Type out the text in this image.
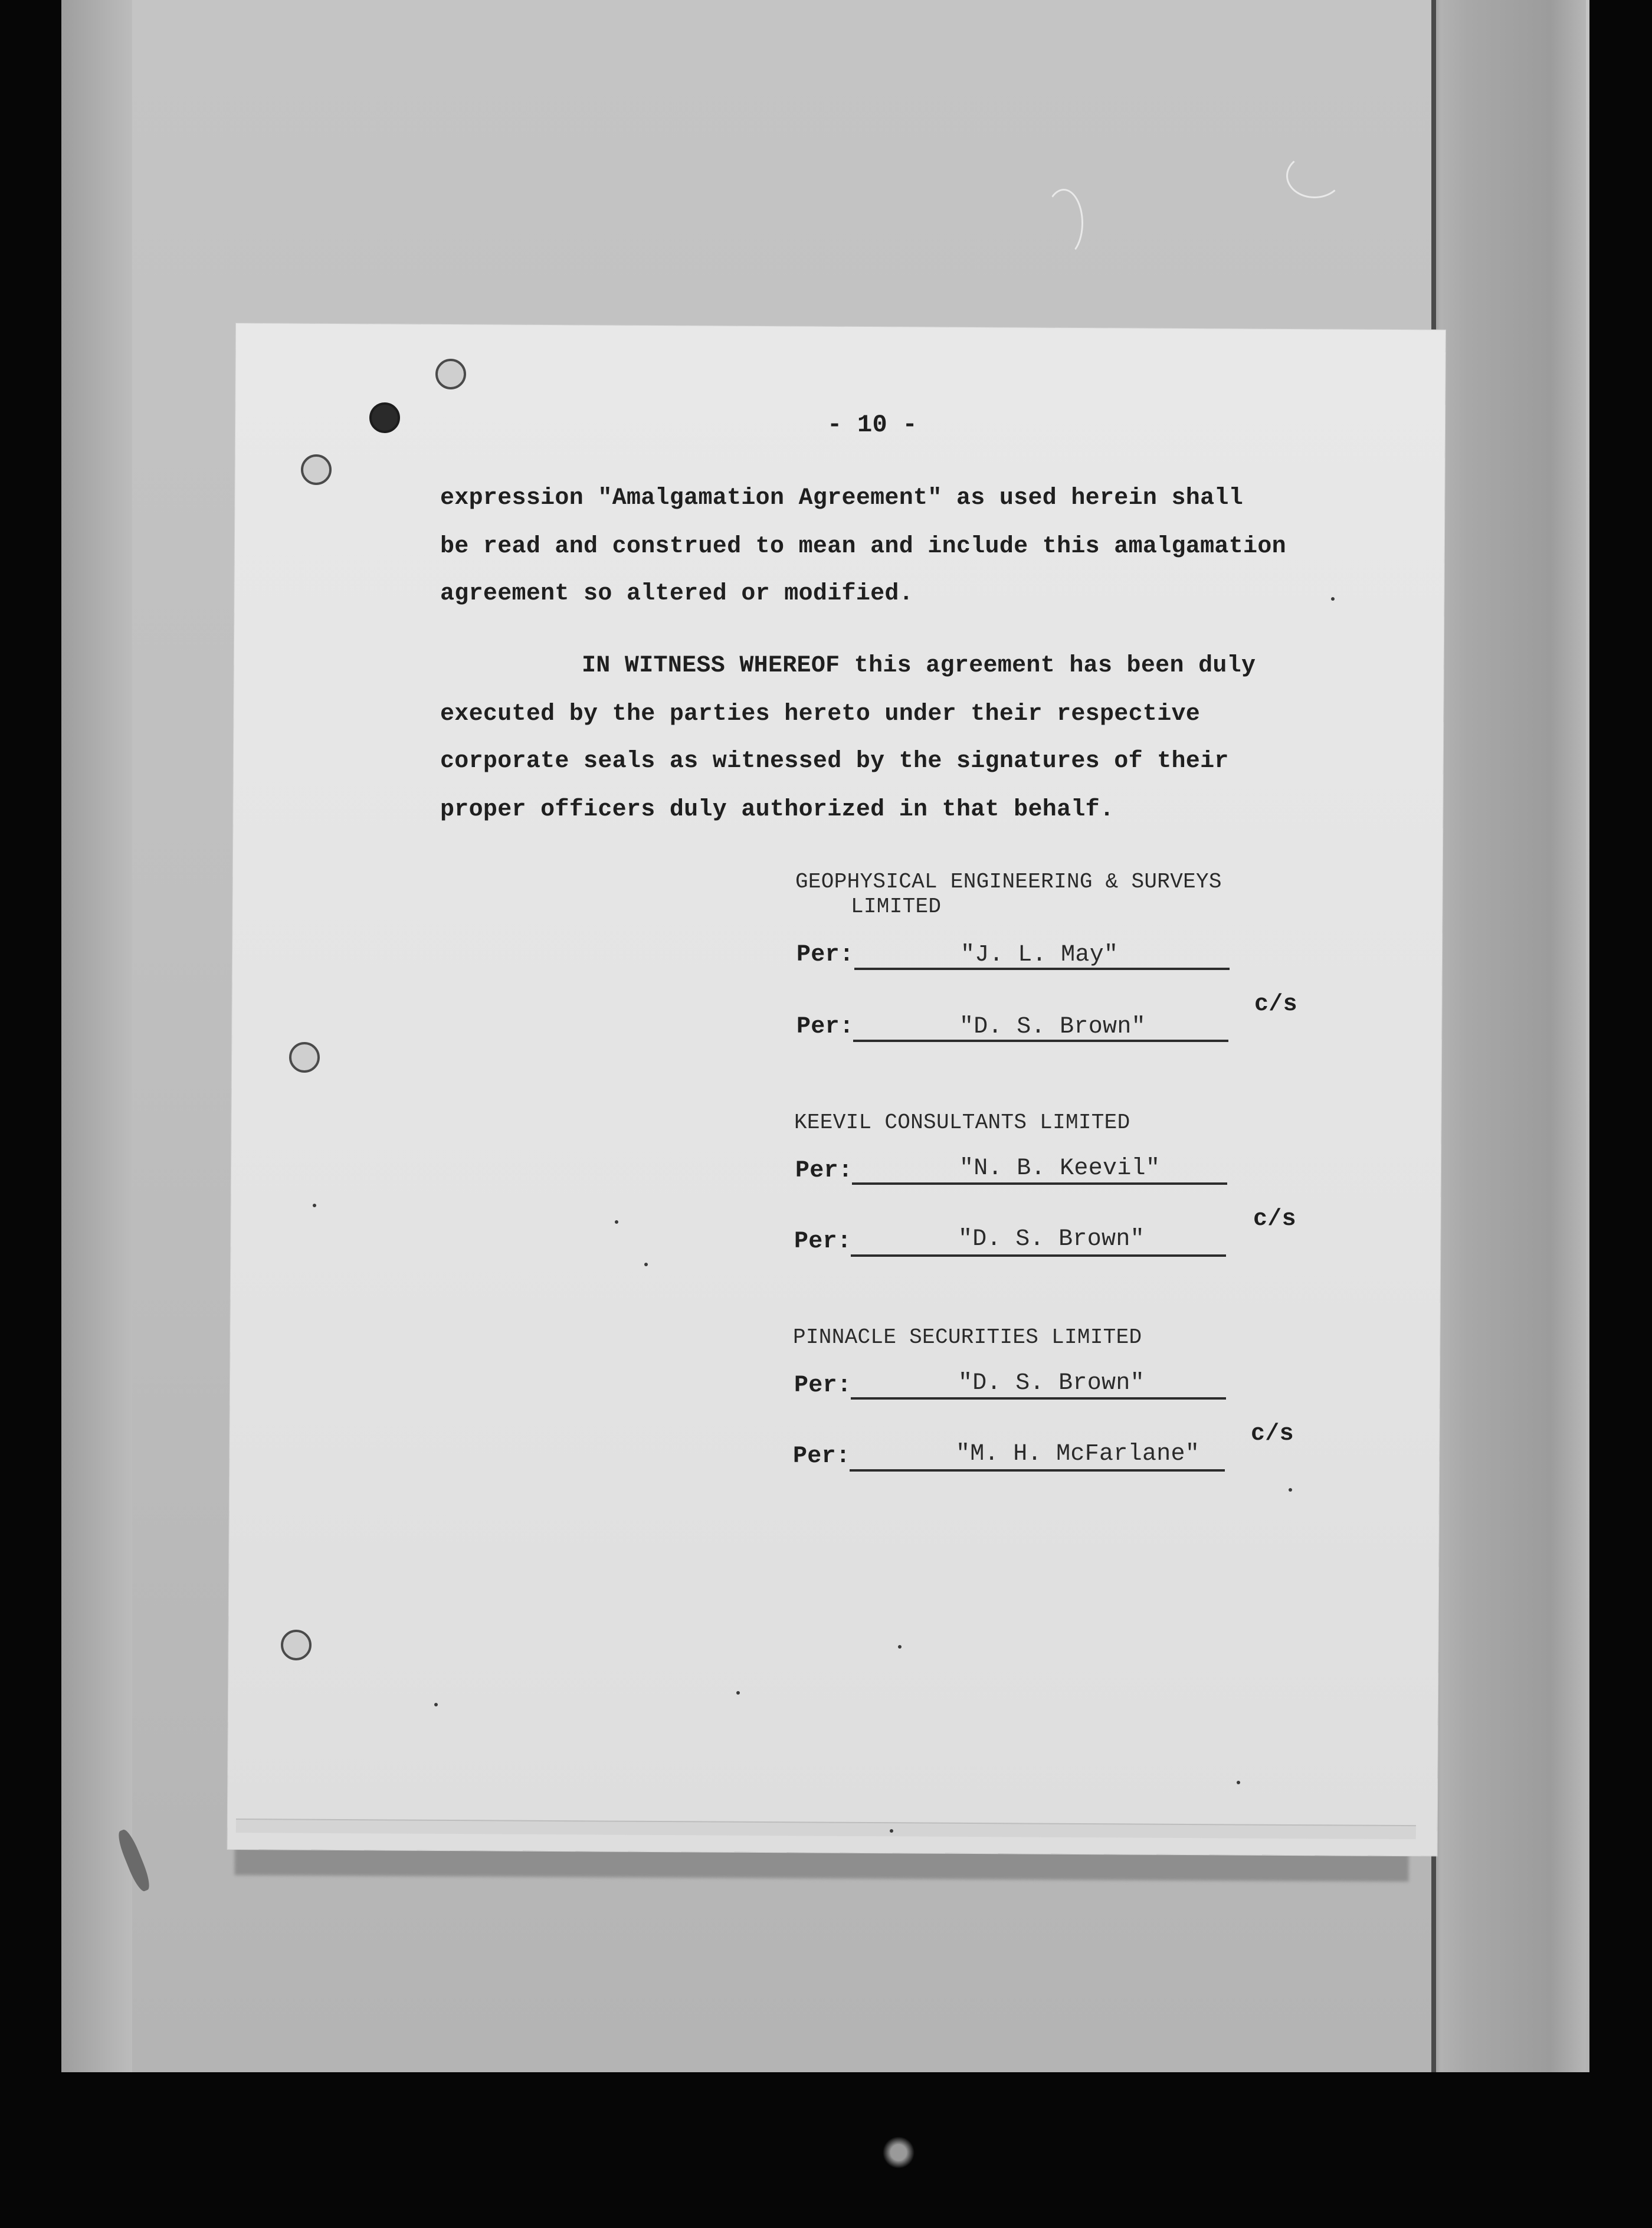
- 10 -
expression "Amalgamation Agreement" as used herein shall
be read and construed to mean and include this amalgamation
agreement so altered or modified.
IN WITNESS WHEREOF this agreement has been duly
executed by the parties hereto under their respective
corporate seals as witnessed by the signatures of their
proper officers duly authorized in that behalf.
GEOPHYSICAL ENGINEERING & SURVEYS
LIMITED
Per:	"J. L. May"
c/s
Per:	"D. S. Brown"
KEEVIL CONSULTANTS LIMITED
Per:	"N. B. Keevil"
c/s
Per:	"D. S. Brown"
PINNACLE SECURITIES LIMITED
Per:	"D. S. Brown"
c/s
Per:	"M. H. McFarlane"
